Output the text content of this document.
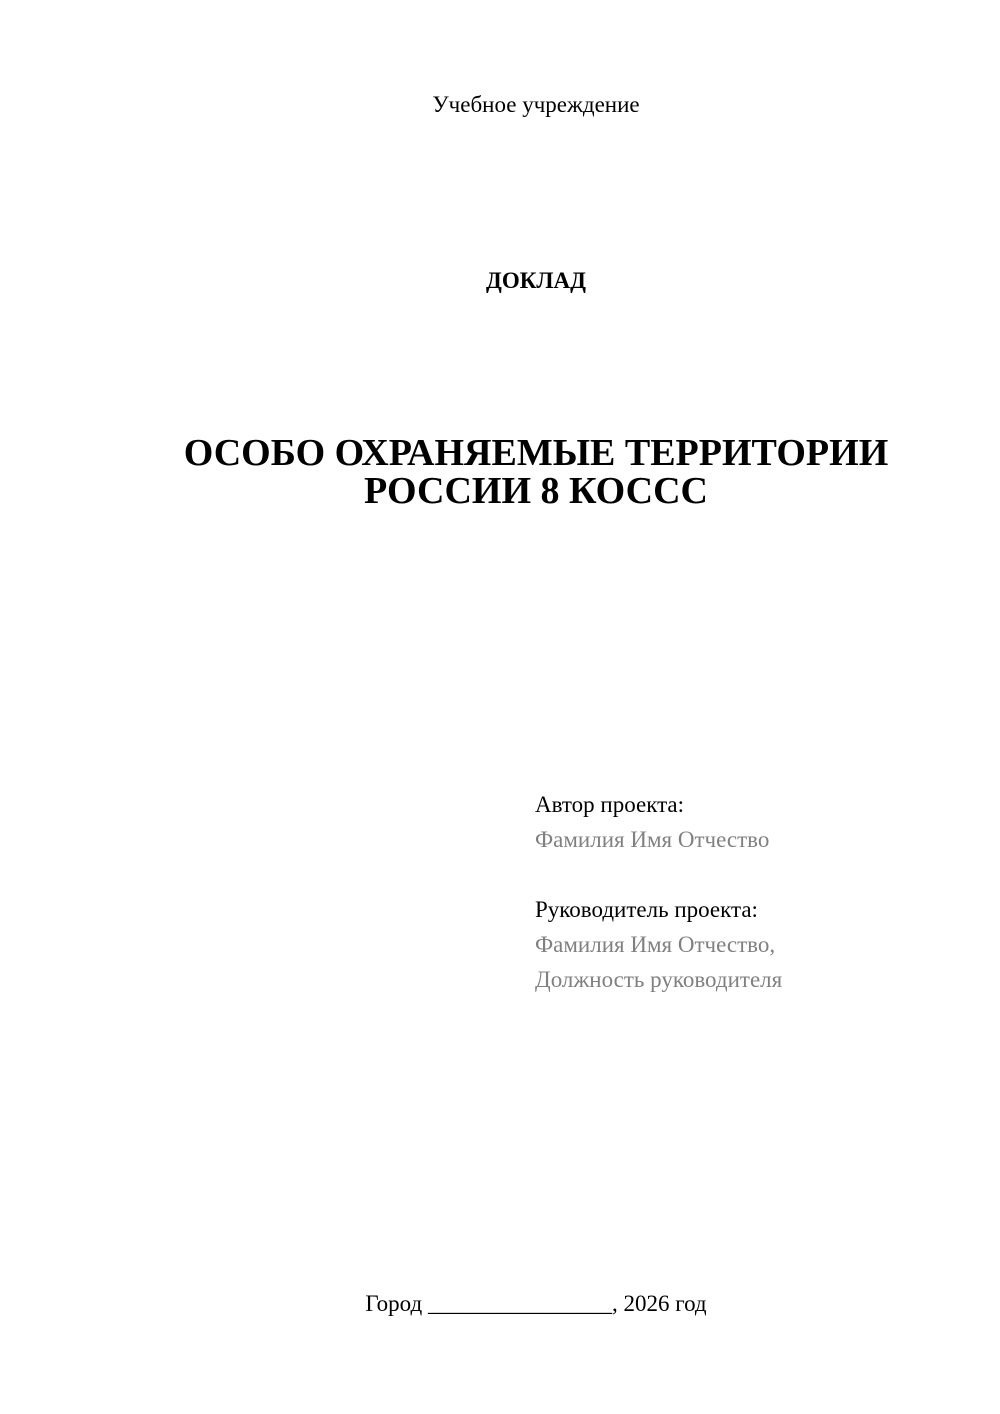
Учебное учреждение
ДОКЛАД
ОСОБО ОХРАНЯЕМЫЕ ТЕРРИТОРИИ
РОССИИ 8 КОССС
Автор проекта:
Фамилия Имя Отчество
Руководитель проекта:
Фамилия Имя Отчество,
Должность руководителя
Город ________________, 2026 год
